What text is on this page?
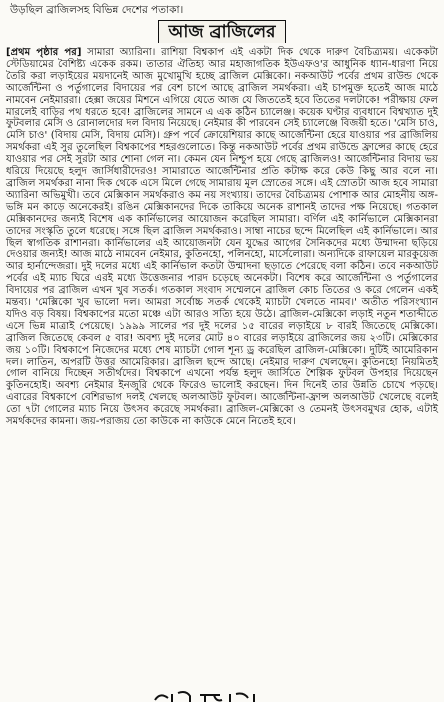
উড়ছিল ব্রাজিলসহ বিভিন্ন দেশের পতাকা।
আজ ব্রাজিলের

[প্রথম পৃষ্ঠার পর] সামারা অ্যারিনা। রাশিয়া বিশ্বকাপ এই একটা দিক থেকে দারুণ বৈচিত্র্যময়। একেকটা স্টেডিয়ামের বৈশিষ্ট্য একেক রকম। তাতার ঐতিহ্য আর মহাজাগতিক ইউএফও'র আধুনিক ধ্যান-ধারণা নিয়ে তৈরি করা লড়াইয়ের ময়দানেই আজ মুখোমুখি হচ্ছে ব্রাজিল মেক্সিকো। নকআউট পর্বের প্রথম রাউন্ড থেকে আর্জেন্টিনা ও পর্তুগালের বিদায়ের পর বেশ চাপে আছে ব্রাজিল সমর্থকরা। এই চাপমুক্ত হতেই আজ মাঠে নামবেন নেইমাররা। হেক্সা জয়ের মিশনে এগিয়ে যেতে আজ যে জিততেই হবে তিতের দলটাকে! পরীক্ষায় ফেল মারলেই বাড়ির পথ ধরতে হবে! ব্রাজিলের সামনে এ এক কঠিন চ্যালেঞ্জ। কয়েক ঘণ্টার ব্যবধানে বিশ্বখ্যাত দুই ফুটবলার মেসি ও রোনালদোর দল বিদায় নিয়েছে। নেইমার কী পারবেন সেই চ্যালেঞ্জে বিজয়ী হতে। 'মেসি চাও, মেসি চাও' (বিদায় মেসি, বিদায় মেসি)। গ্রুপ পর্বে ক্রোয়েশিয়ার কাছে আর্জেন্টিনা হেরে যাওয়ার পর ব্রাজিলিয় সমর্থকরা এই সুর তুলেছিল বিশ্বকাপের শহরগুলোতে। কিন্তু নকআউট পর্বের প্রথম রাউন্ডে ফ্রান্সের কাছে হেরে যাওয়ার পর সেই সুরটা আর শোনা গেল না। কেমন যেন নিশ্চুপ হয়ে গেছে ব্রাজিলও! আর্জেন্টিনার বিদায় ভয় ধরিয়ে দিয়েছে হলুদ জার্সিধারীদেরও! সামারাতে আর্জেন্টিনার প্রতি কটাক্ষ করে কেউ কিছু আর বলে না। ব্রাজিল সমর্থকরা নানা দিক থেকে এসে মিলে গেছে সামারায় মূল স্রোতের সঙ্গে। এই স্রোতটা আজ হবে সামারা অ্যারিনা অভিমুখী। তবে মেক্সিকান সমর্থকরাও কম নয় সংখ্যায়। তাদের বৈচিত্র্যময় পোশাক আর মোহনীয় অঙ্গ-ভঙ্গি মন কাড়ে অনেকেরই। রঙিন মেক্সিকানদের দিকে তাকিয়ে অনেক রাশানই তাদের পক্ষ নিয়েছে। গতকাল মেক্সিকানদের জন্যই বিশেষ এক কার্নিভালের আয়োজন করেছিল সামারা। বর্ণিল এই কার্নিভালে মেক্সিকানরা তাদের সংস্কৃতি তুলে ধরেছে। সঙ্গে ছিল ব্রাজিল সমর্থকরাও। সাম্বা নাচের ছন্দে মিলেছিল এই কার্নিভালে। আর ছিল স্বাগতিক রাশানরা। কার্নিভালের এই আয়োজনটা যেন যুদ্ধের আগের সৈনিকদের মধ্যে উন্মাদনা ছড়িয়ে দেওয়ার জন্যই! আজ মাঠে নামবেন নেইমার, কুতিনহো, পলিনহো, মার্সেলোরা। অন্যদিকে রাফায়েল মারকুয়েজ আর হার্নান্দেজরা। দুই দলের মধ্যে এই কার্নিভাল কতটা উন্মাদনা ছড়াতে পেরেছে বলা কঠিন। তবে নকআউট পর্বের এই ম্যাচ ঘিরে এরই মধ্যে উত্তেজনার পারদ চড়েছে অনেকটা। বিশেষ করে আর্জেন্টিনা ও পর্তুগালের বিদায়ের পর ব্রাজিল এখন খুব সতর্ক। গতকাল সংবাদ সম্মেলনে ব্রাজিল কোচ তিতের ও করে গেলেন একই মন্তব্য। 'মেক্সিকো খুব ভালো দল। আমরা সর্বোচ্চ সতর্ক থেকেই ম্যাচটা খেলতে নামব।' অতীত পরিসংখ্যান যদিও বড় বিষয়। বিশ্বকাপের মতো মঞ্চে এটা আরও সত্যি হয়ে উঠে। ব্রাজিল-মেক্সিকো লড়াই নতুন শতাব্দীতে এসে ভিন্ন মাত্রাই পেয়েছে। ১৯৯৯ সালের পর দুই দলের ১৫ বারের লড়াইয়ে ৮ বারই জিতেছে মেক্সিকো। ব্রাজিল জিতেছে কেবল ৫ বার! অবশ্য দুই দলের মোট ৪০ বারের লড়াইয়ে ব্রাজিলের জয় ২৩টি। মেক্সিকোর জয় ১০টি। বিশ্বকাপে নিজেদের মধ্যে শেষ ম্যাচটা গোল শূন্য ড্র করেছিল ব্রাজিল-মেক্সিকো। দুটিই আমেরিকান দল। লাতিন, অপরটি উত্তর আমেরিকার। ব্রাজিল ছন্দে আছে। নেইমার দারুণ খেলছেন। কুতিনহো নিয়মিতই গোল বানিয়ে দিচ্ছেন সতীর্থদের। বিশ্বকাপে এখনো পর্যন্ত হলুদ জার্সিতে শৈল্পিক ফুটবল উপহার দিয়েছেন কুতিনহোই। অবশ্য নেইমার ইনজুরি থেকে ফিরেও ভালোই করছেন। দিন দিনেই তার উন্নতি চোখে পড়ছে। এবারের বিশ্বকাপে বেশিরভাগ দলই খেলছে অলআউট ফুটবল। আর্জেন্টিনা-ফ্রান্স অলআউট খেলেছে বলেই তো ৭টা গোলের ম্যাচ নিয়ে উৎসব করেছে সমর্থকরা। ব্রাজিল-মেক্সিকো ও তেমনই উৎসবমুখর হোক, এটাই সমর্থকদের কামনা। জয়-পরাজয় তো কাউকে না কাউকে মেনে নিতেই হবে।
